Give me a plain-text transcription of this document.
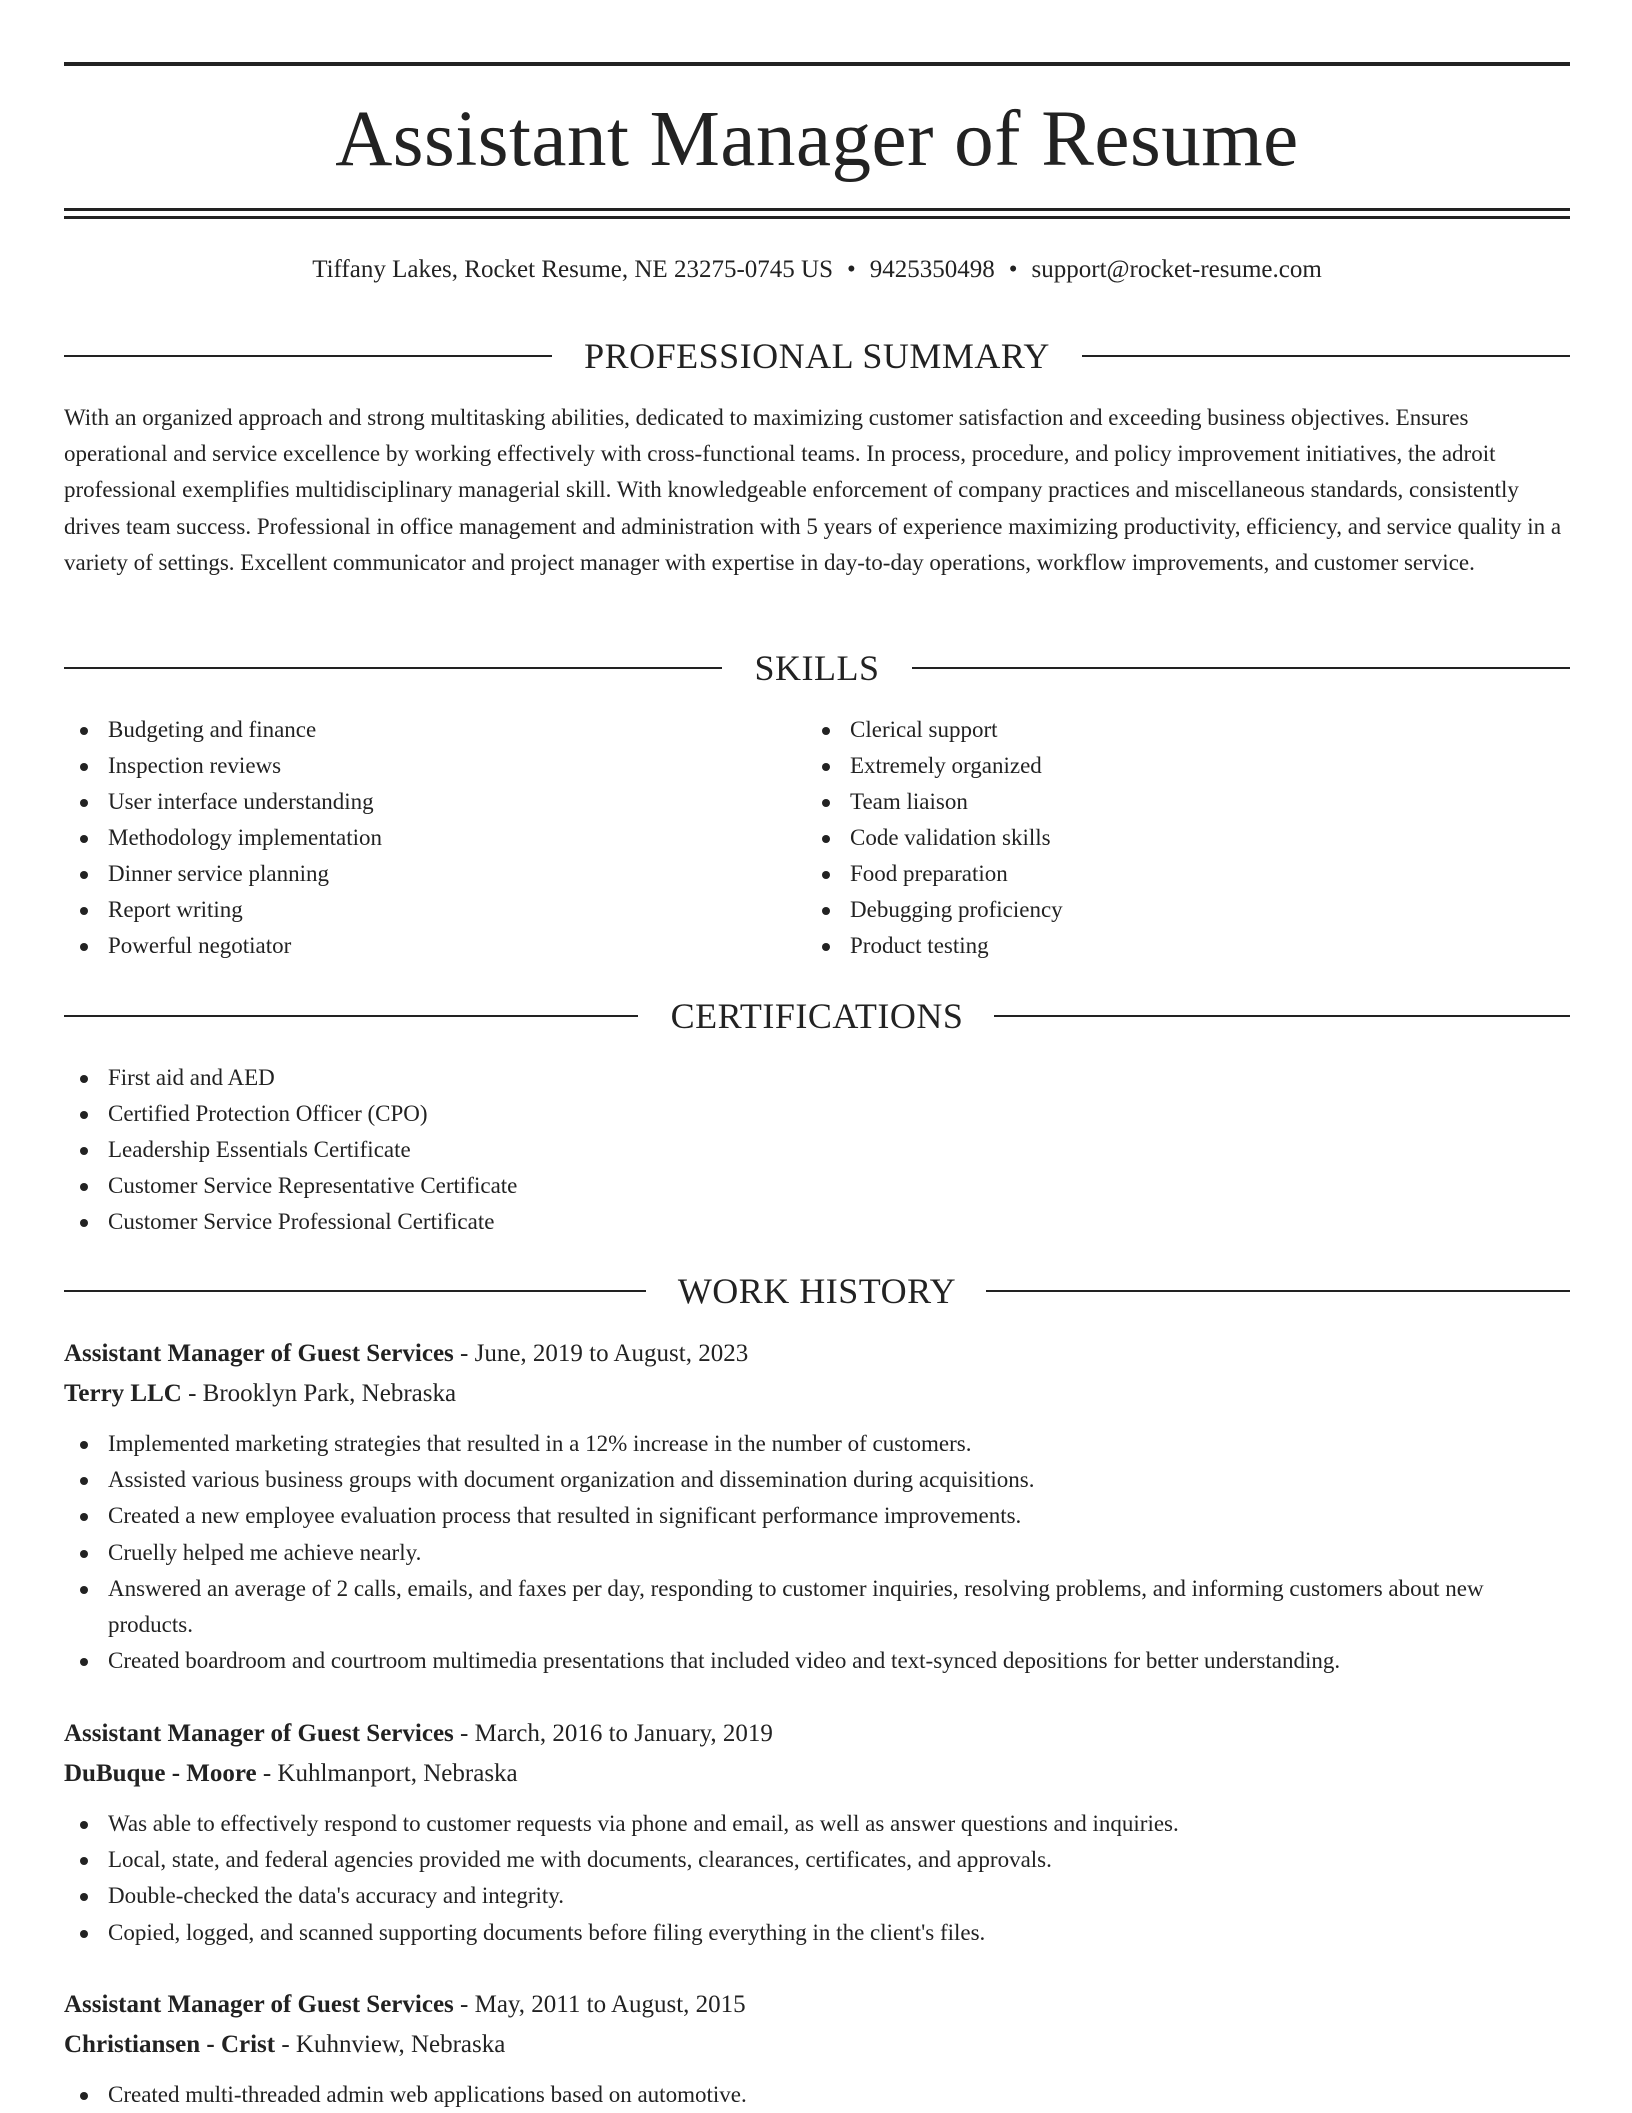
Assistant Manager of Resume
Tiffany Lakes, Rocket Resume, NE 23275-0745 US • 9425350498 • support@rocket-resume.com
PROFESSIONAL SUMMARY

With an organized approach and strong multitasking abilities, dedicated to maximizing customer satisfaction and exceeding business objectives. Ensures operational and service excellence by working effectively with cross-functional teams. In process, procedure, and policy improvement initiatives, the adroit professional exemplifies multidisciplinary managerial skill. With knowledgeable enforcement of company practices and miscellaneous standards, consistently drives team success. Professional in office management and administration with 5 years of experience maximizing productivity, efficiency, and service quality in a variety of settings. Excellent communicator and project manager with expertise in day-to-day operations, workflow improvements, and customer service.

SKILLS
Budgeting and finance
Inspection reviews
User interface understanding
Methodology implementation
Dinner service planning
Report writing
Powerful negotiator
Clerical support
Extremely organized
Team liaison
Code validation skills
Food preparation
Debugging proficiency
Product testing
CERTIFICATIONS
First aid and AED
Certified Protection Officer (CPO)
Leadership Essentials Certificate
Customer Service Representative Certificate
Customer Service Professional Certificate
WORK HISTORY

Assistant Manager of Guest Services - June, 2019 to August, 2023

Terry LLC - Brooklyn Park, Nebraska

Implemented marketing strategies that resulted in a 12% increase in the number of customers.
Assisted various business groups with document organization and dissemination during acquisitions.
Created a new employee evaluation process that resulted in significant performance improvements.
Cruelly helped me achieve nearly.
Answered an average of 2 calls, emails, and faxes per day, responding to customer inquiries, resolving problems, and informing customers about new products.
Created boardroom and courtroom multimedia presentations that included video and text-synced depositions for better understanding.

Assistant Manager of Guest Services - March, 2016 to January, 2019

DuBuque - Moore - Kuhlmanport, Nebraska

Was able to effectively respond to customer requests via phone and email, as well as answer questions and inquiries.
Local, state, and federal agencies provided me with documents, clearances, certificates, and approvals.
Double-checked the data's accuracy and integrity.
Copied, logged, and scanned supporting documents before filing everything in the client's files.

Assistant Manager of Guest Services - May, 2011 to August, 2015

Christiansen - Crist - Kuhnview, Nebraska

Created multi-threaded admin web applications based on automotive.
